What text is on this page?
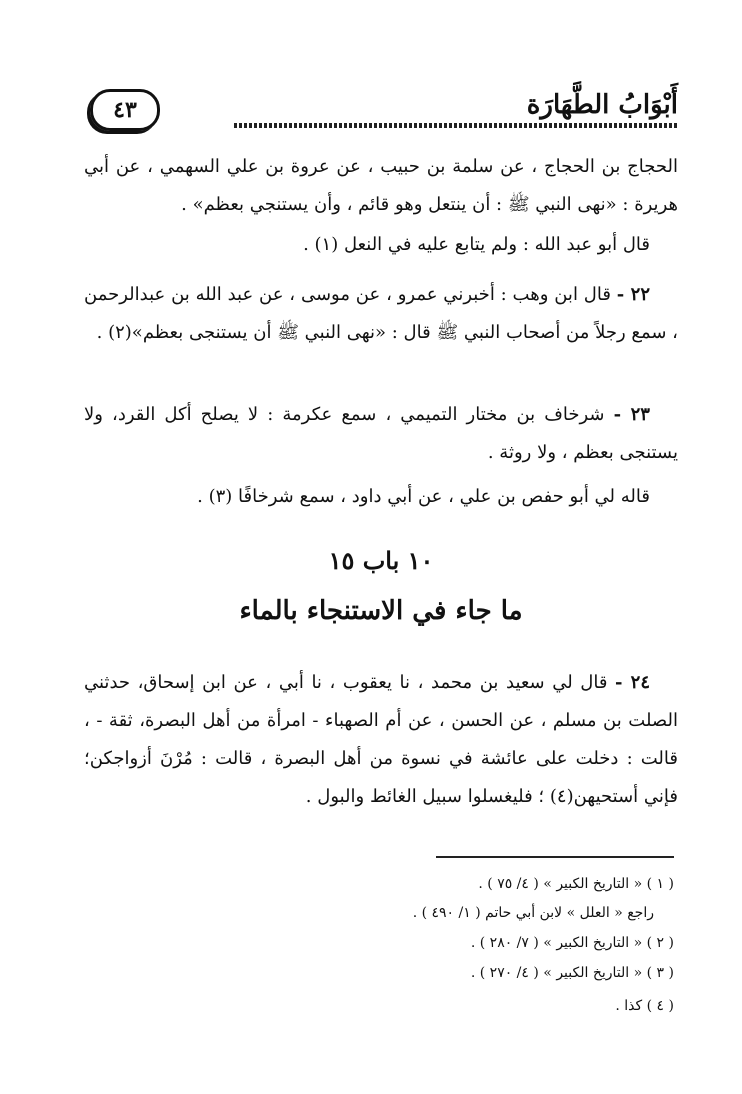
أَبْوَابُ الطَّهَارَة
٤٣
الحجاج بن الحجاج ، عن سلمة بن حبيب ، عن عروة بن علي السهمي ، عن أبي هريرة : «نهى النبي ﷺ : أن ينتعل وهو قائم ، وأن يستنجي بعظم» .
قال أبو عبد الله : ولم يتابع عليه في النعل (١) .
٢٢ - قال ابن وهب : أخبرني عمرو ، عن موسى ، عن عبد الله بن عبدالرحمن ، سمع رجلاً من أصحاب النبي ﷺ قال : «نهى النبي ﷺ أن يستنجى بعظم»(٢) .
٢٣ - شرخاف بن مختار التميمي ، سمع عكرمة : لا يصلح أكل القرد، ولا يستنجى بعظم ، ولا روثة .
قاله لي أبو حفص بن علي ، عن أبي داود ، سمع شرخافًا (٣) .
١٠ باب ١٥
ما جاء في الاستنجاء بالماء
٢٤ - قال لي سعيد بن محمد ، نا يعقوب ، نا أبي ، عن ابن إسحاق، حدثني الصلت بن مسلم ، عن الحسن ، عن أم الصهباء - امرأة من أهل البصرة، ثقة - ، قالت : دخلت على عائشة في نسوة من أهل البصرة ، قالت : مُرْنَ أزواجكن؛ فإني أستحيهن(٤) ؛ فليغسلوا سبيل الغائط والبول .
( ١ ) « التاريخ الكبير » ( ٤/ ٧٥ ) .
راجع « العلل » لابن أبي حاتم ( ١/ ٤٩٠ ) .
( ٢ ) « التاريخ الكبير » ( ٧/ ٢٨٠ ) .
( ٣ ) « التاريخ الكبير » ( ٤/ ٢٧٠ ) .
( ٤ ) كذا .
